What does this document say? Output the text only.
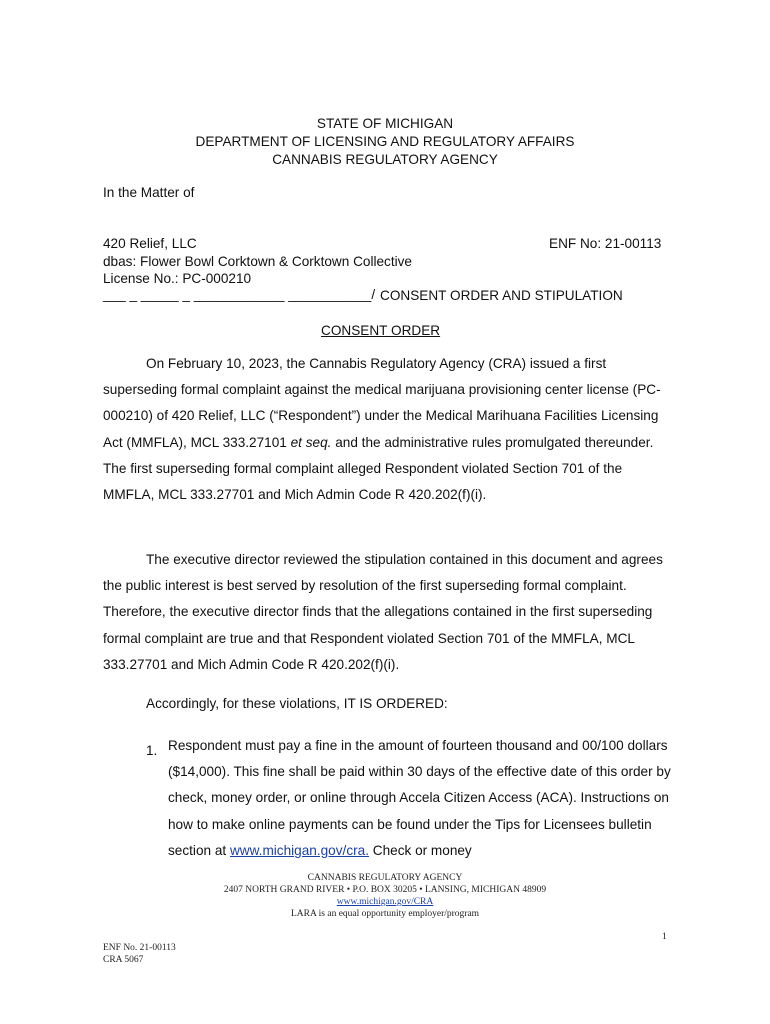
STATE OF MICHIGAN
DEPARTMENT OF LICENSING AND REGULATORY AFFAIRS
CANNABIS REGULATORY AGENCY
In the Matter of
420 Relief, LLC	ENF No: 21-00113
dbas: Flower Bowl Corktown & Corktown Collective
License No.: PC-000210
___ _ _____ _ ____________ ___________/ CONSENT ORDER AND STIPULATION
CONSENT ORDER
On February 10, 2023, the Cannabis Regulatory Agency (CRA) issued a first superseding formal complaint against the medical marijuana provisioning center license (PC-000210) of 420 Relief, LLC (“Respondent”) under the Medical Marihuana Facilities Licensing Act (MMFLA), MCL 333.27101 et seq. and the administrative rules promulgated thereunder. The first superseding formal complaint alleged Respondent violated Section 701 of the MMFLA, MCL 333.27701 and Mich Admin Code R 420.202(f)(i).
The executive director reviewed the stipulation contained in this document and agrees the public interest is best served by resolution of the first superseding formal complaint. Therefore, the executive director finds that the allegations contained in the first superseding formal complaint are true and that Respondent violated Section 701 of the MMFLA, MCL 333.27701 and Mich Admin Code R 420.202(f)(i).
Accordingly, for these violations, IT IS ORDERED:
1. Respondent must pay a fine in the amount of fourteen thousand and 00/100 dollars ($14,000). This fine shall be paid within 30 days of the effective date of this order by check, money order, or online through Accela Citizen Access (ACA). Instructions on how to make online payments can be found under the Tips for Licensees bulletin section at www.michigan.gov/cra. Check or money
CANNABIS REGULATORY AGENCY
2407 NORTH GRAND RIVER • P.O. BOX 30205 • LANSING, MICHIGAN 48909
www.michigan.gov/CRA
LARA is an equal opportunity employer/program
1
ENF No. 21-00113
CRA 5067
